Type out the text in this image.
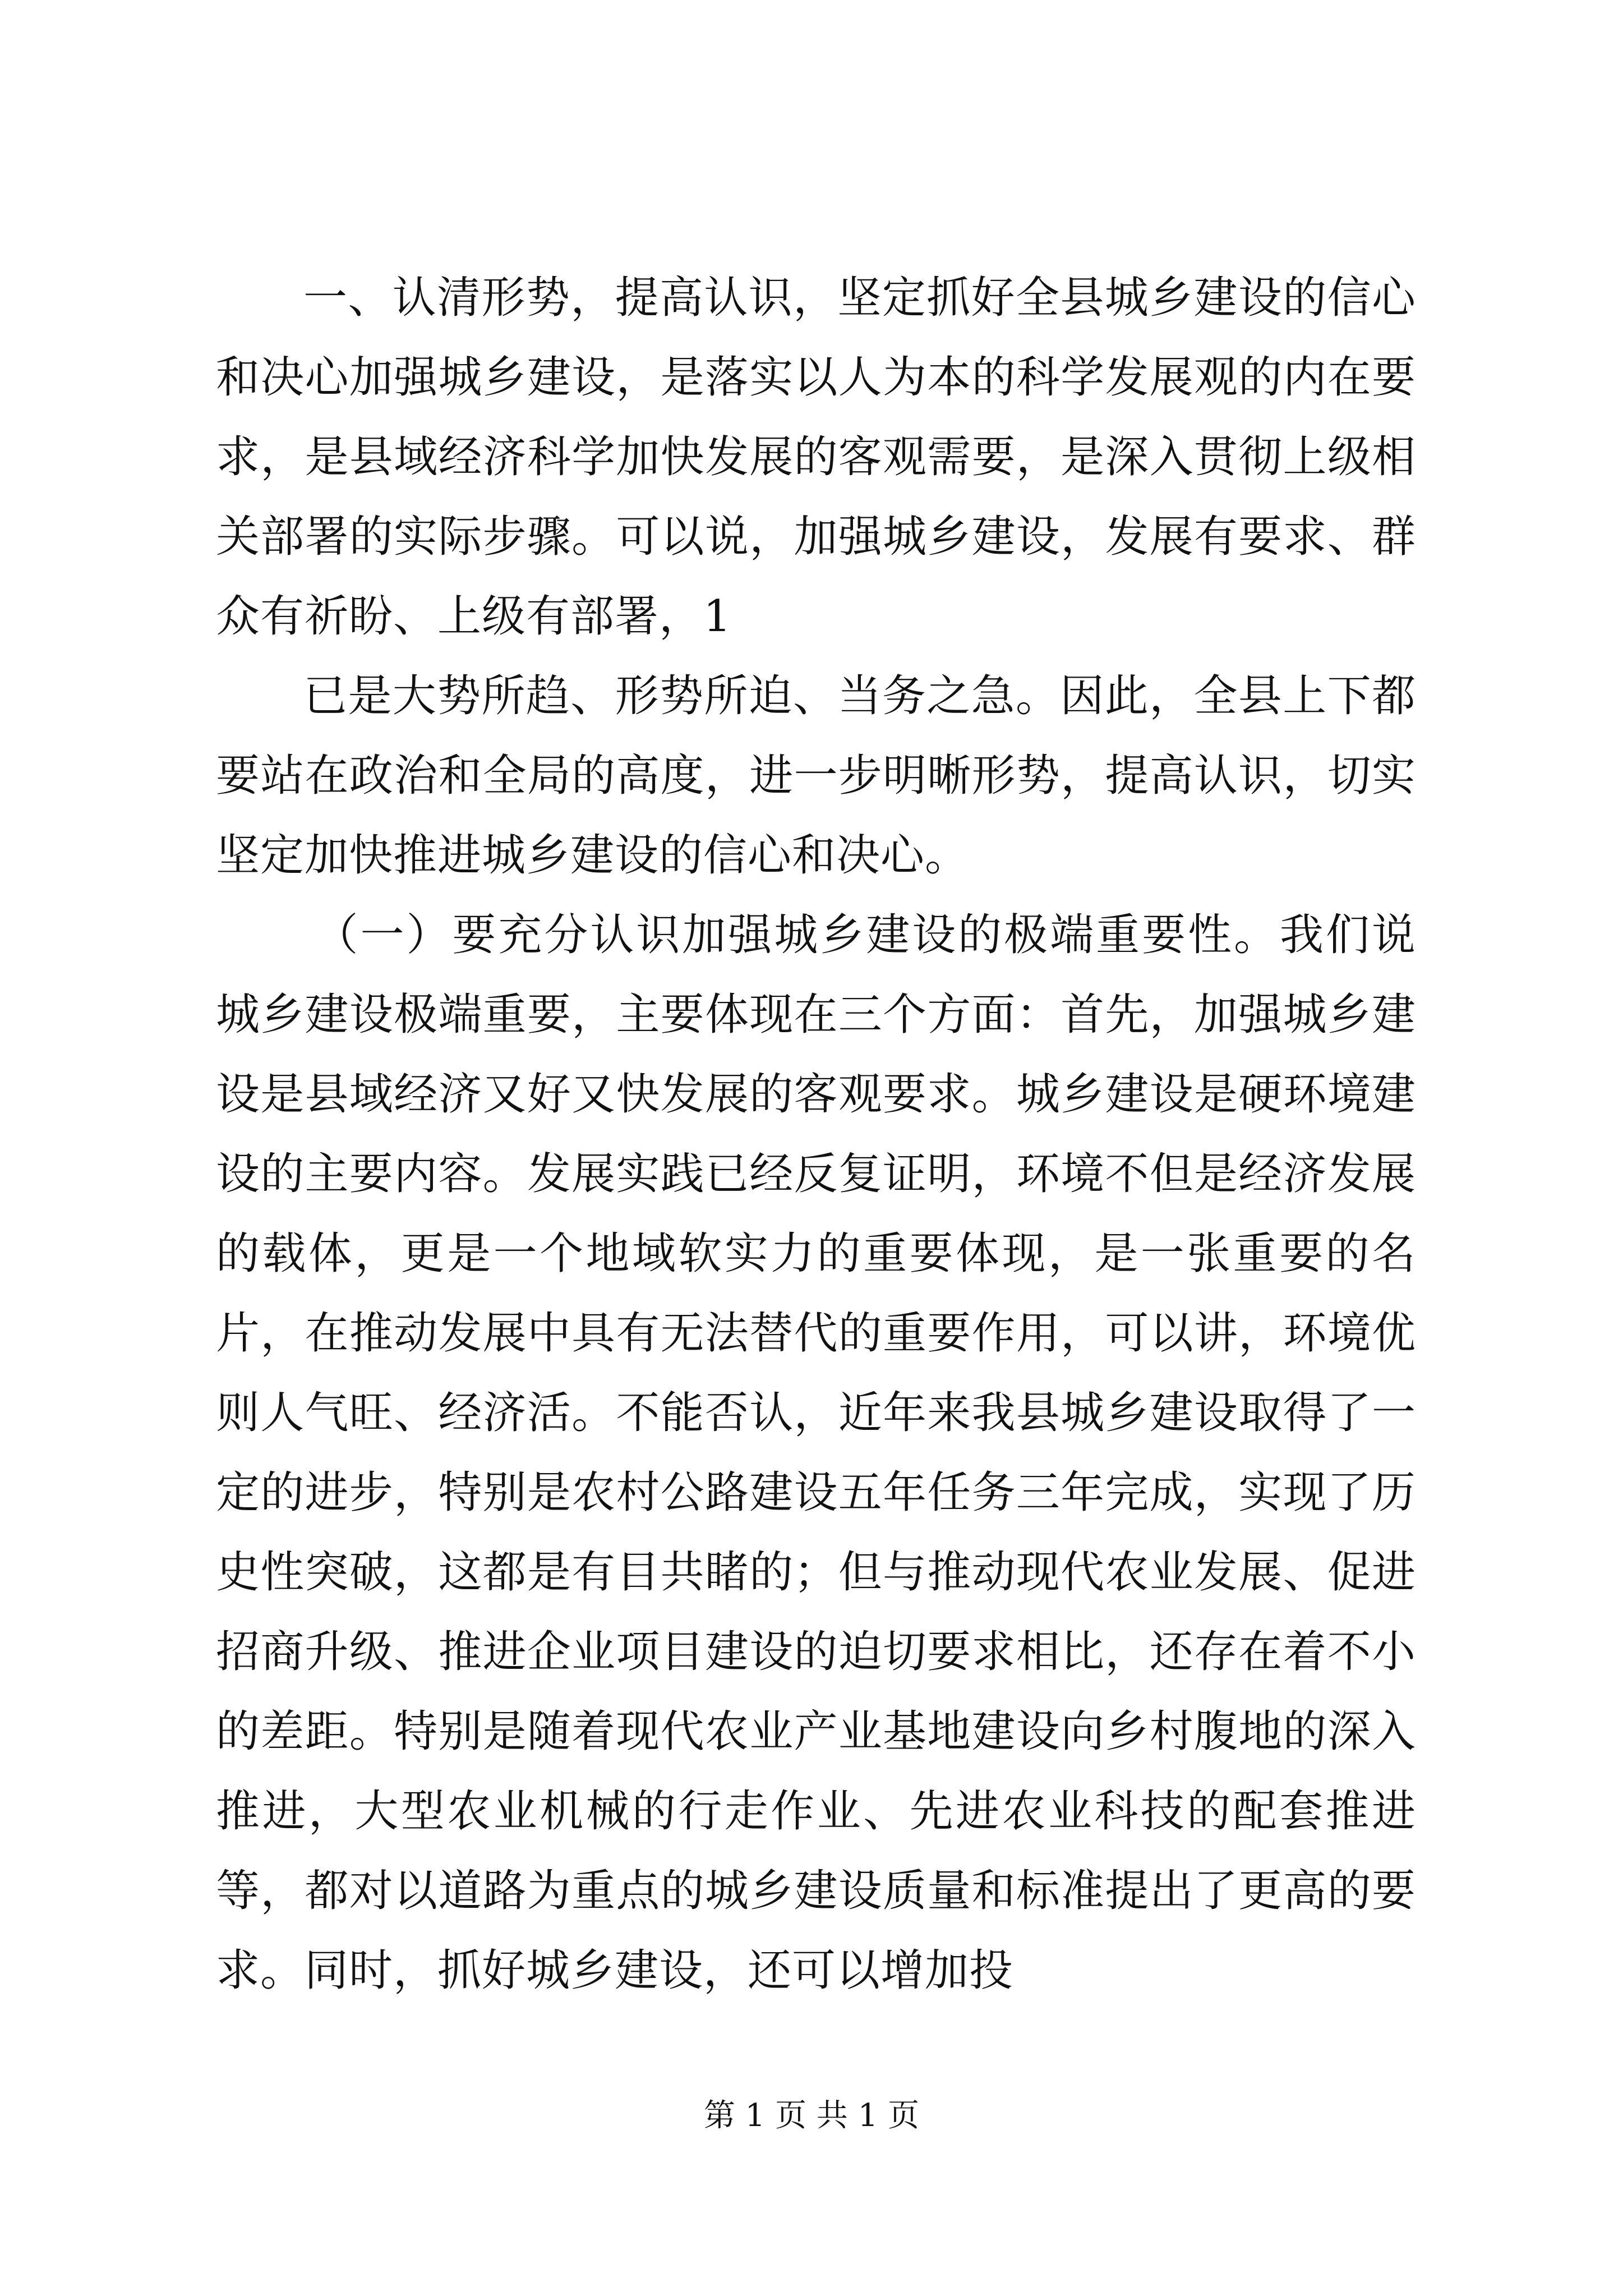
一、认清形势，提高认识，坚定抓好全县城乡建设的信心和决心加强城乡建设，是落实以人为本的科学发展观的内在要求，是县域经济科学加快发展的客观需要，是深入贯彻上级相关部署的实际步骤。可以说，加强城乡建设，发展有要求、群众有祈盼、上级有部署，1

已是大势所趋、形势所迫、当务之急。因此，全县上下都要站在政治和全局的高度，进一步明晰形势，提高认识，切实坚定加快推进城乡建设的信心和决心。

（一）要充分认识加强城乡建设的极端重要性。我们说城乡建设极端重要，主要体现在三个方面：首先，加强城乡建设是县域经济又好又快发展的客观要求。城乡建设是硬环境建设的主要内容。发展实践已经反复证明，环境不但是经济发展的载体，更是一个地域软实力的重要体现，是一张重要的名片，在推动发展中具有无法替代的重要作用，可以讲，环境优则人气旺、经济活。不能否认，近年来我县城乡建设取得了一定的进步，特别是农村公路建设五年任务三年完成，实现了历史性突破，这都是有目共睹的；但与推动现代农业发展、促进招商升级、推进企业项目建设的迫切要求相比，还存在着不小的差距。特别是随着现代农业产业基地建设向乡村腹地的深入推进，大型农业机械的行走作业、先进农业科技的配套推进等，都对以道路为重点的城乡建设质量和标准提出了更高的要求。同时，抓好城乡建设，还可以增加投

第 1 页 共 1 页
